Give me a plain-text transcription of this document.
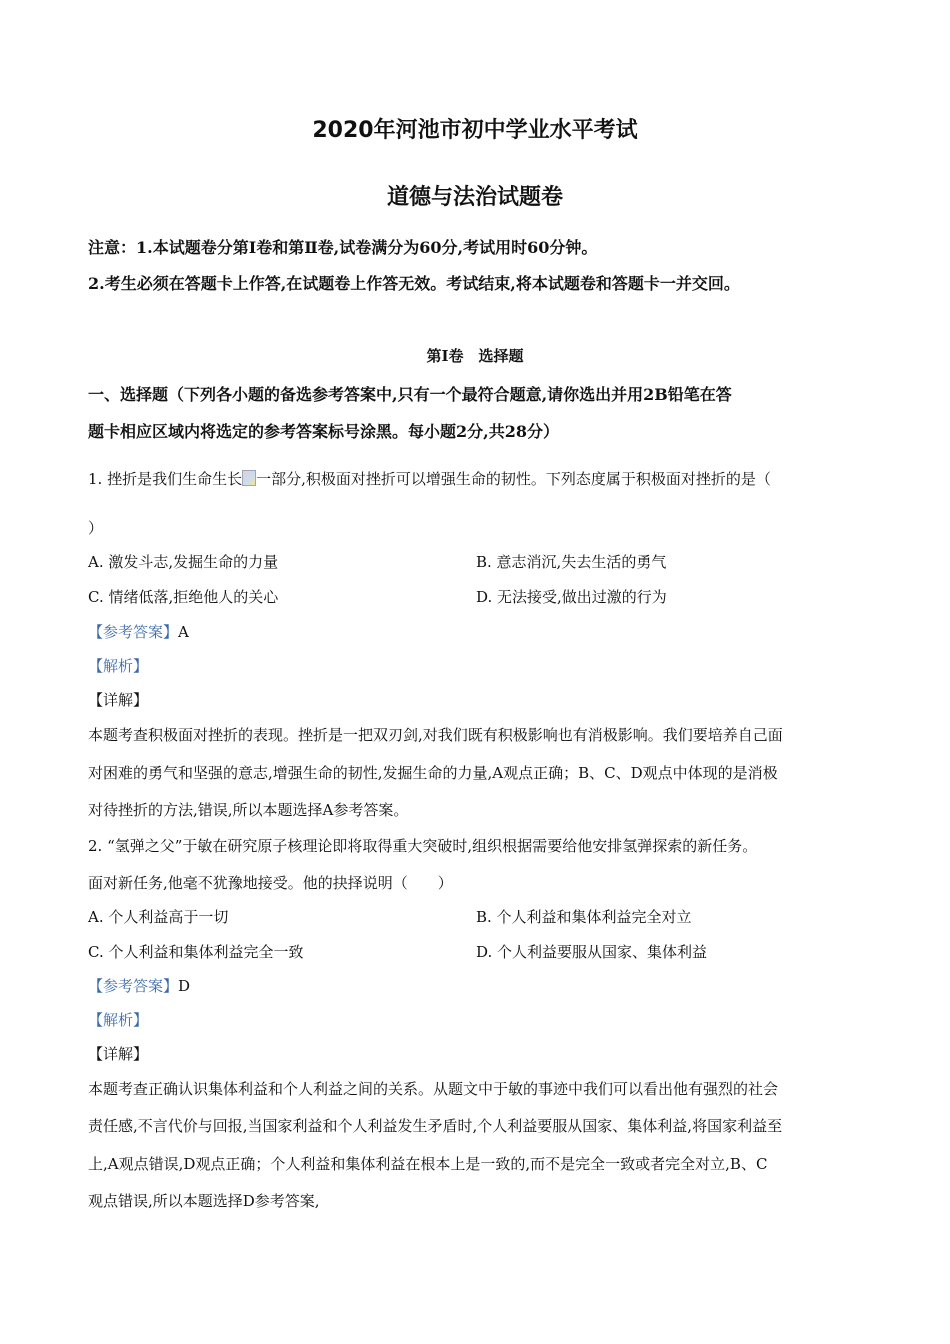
2020年河池市初中学业水平考试
道德与法治试题卷
注意：1.本试题卷分第Ⅰ卷和第Ⅱ卷,试卷满分为60分,考试用时60分钟。
2.考生必须在答题卡上作答,在试题卷上作答无效。考试结束,将本试题卷和答题卡一并交回。
第Ⅰ卷　选择题
一、选择题（下列各小题的备选参考答案中,只有一个最符合题意,请你选出并用2B铅笔在答
题卡相应区域内将选定的参考答案标号涂黑。每小题2分,共28分）
1. 挫折是我们生命生长 一部分,积极面对挫折可以增强生命的韧性。下列态度属于积极面对挫折的是（
）
A. 激发斗志,发掘生命的力量	B. 意志消沉,失去生活的勇气
C. 情绪低落,拒绝他人的关心	D. 无法接受,做出过激的行为
【参考答案】A
【解析】
【详解】
本题考查积极面对挫折的表现。挫折是一把双刃剑,对我们既有积极影响也有消极影响。我们要培养自己面
对困难的勇气和坚强的意志,增强生命的韧性,发掘生命的力量,A观点正确；B、C、D观点中体现的是消极
对待挫折的方法,错误,所以本题选择A参考答案。
2. “氢弹之父”于敏在研究原子核理论即将取得重大突破时,组织根据需要给他安排氢弹探索的新任务。
面对新任务,他毫不犹豫地接受。他的抉择说明（　　）
A. 个人利益高于一切	B. 个人利益和集体利益完全对立
C. 个人利益和集体利益完全一致	D. 个人利益要服从国家、集体利益
【参考答案】D
【解析】
【详解】
本题考查正确认识集体利益和个人利益之间的关系。从题文中于敏的事迹中我们可以看出他有强烈的社会
责任感,不言代价与回报,当国家利益和个人利益发生矛盾时,个人利益要服从国家、集体利益,将国家利益至
上,A观点错误,D观点正确；个人利益和集体利益在根本上是一致的,而不是完全一致或者完全对立,B、C
观点错误,所以本题选择D参考答案,
